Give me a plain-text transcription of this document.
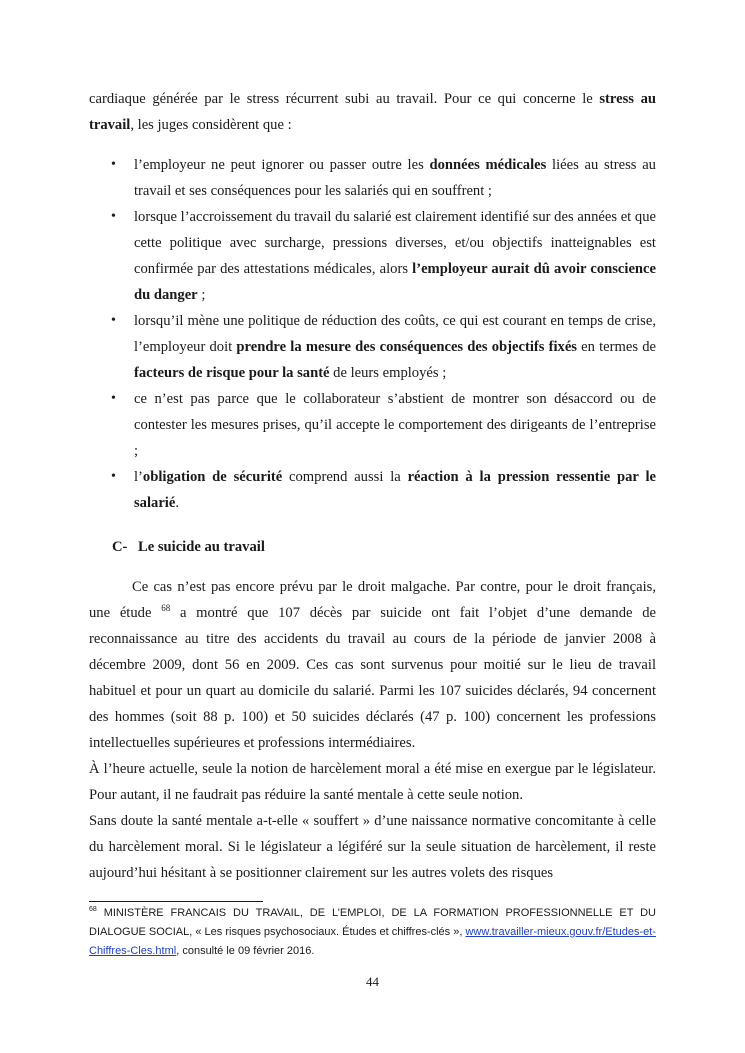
cardiaque générée par le stress récurrent subi au travail. Pour ce qui concerne le stress au travail, les juges considèrent que :

• l’employeur ne peut ignorer ou passer outre les données médicales liées au stress au travail et ses conséquences pour les salariés qui en souffrent ;
• lorsque l’accroissement du travail du salarié est clairement identifié sur des années et que cette politique avec surcharge, pressions diverses, et/ou objectifs inatteignables est confirmée par des attestations médicales, alors l’employeur aurait dû avoir conscience du danger ;
• lorsqu’il mène une politique de réduction des coûts, ce qui est courant en temps de crise, l’employeur doit prendre la mesure des conséquences des objectifs fixés en termes de facteurs de risque pour la santé de leurs employés ;
• ce n’est pas parce que le collaborateur s’abstient de montrer son désaccord ou de contester les mesures prises, qu’il accepte le comportement des dirigeants de l’entreprise ;
• l’obligation de sécurité comprend aussi la réaction à la pression ressentie par le salarié.
C- Le suicide au travail

Ce cas n’est pas encore prévu par le droit malgache. Par contre, pour le droit français, une étude $^{68}$ a montré que 107 décès par suicide ont fait l’objet d’une demande de reconnaissance au titre des accidents du travail au cours de la période de janvier 2008 à décembre 2009, dont 56 en 2009. Ces cas sont survenus pour moitié sur le lieu de travail habituel et pour un quart au domicile du salarié. Parmi les 107 suicides déclarés, 94 concernent des hommes (soit 88 p. 100) et 50 suicides déclarés (47 p. 100) concernent les professions intellectuelles supérieures et professions intermédiaires.

À l’heure actuelle, seule la notion de harcèlement moral a été mise en exergue par le législateur. Pour autant, il ne faudrait pas réduire la santé mentale à cette seule notion.

Sans doute la santé mentale a-t-elle « souffert » d’une naissance normative concomitante à celle du harcèlement moral. Si le législateur a légiféré sur la seule situation de harcèlement, il reste aujourd’hui hésitant à se positionner clairement sur les autres volets des risques

$^{68}$ MINISTÈRE FRANCAIS DU TRAVAIL, DE L’EMPLOI, DE LA FORMATION PROFESSIONNELLE ET DU DIALOGUE SOCIAL, « Les risques psychosociaux. Études et chiffres-clés », www.travailler-mieux.gouv.fr/Etudes-et-Chiffres-Cles.html, consulté le 09 février 2016.

44
